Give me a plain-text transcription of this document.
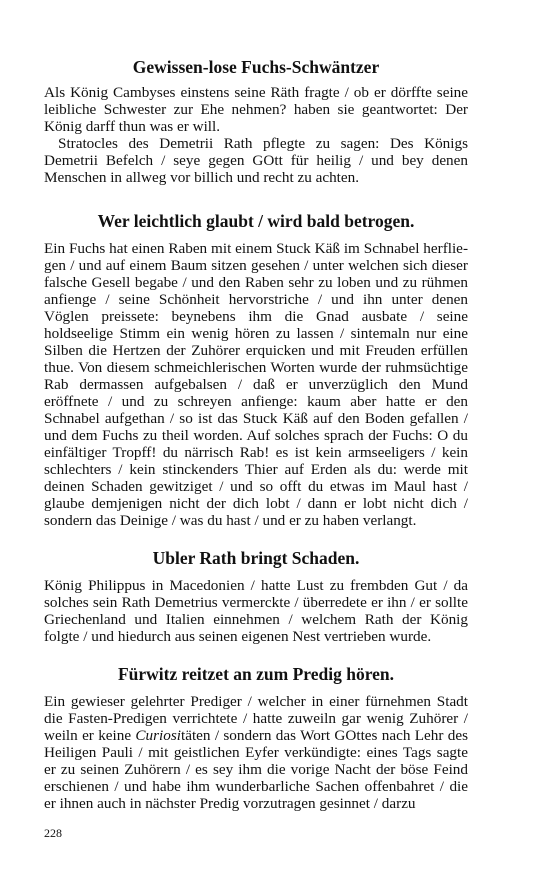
Gewissen-lose Fuchs-Schwäntzer

Als König Cambyses einstens seine Räth fragte / ob er dörffte seine leibliche Schwester zur Ehe nehmen? haben sie geantwortet: Der König darff thun was er will.

Stratocles des Demetrii Rath pflegte zu sagen: Des Königs Demetrii Befelch / seye gegen GOtt für heilig / und bey denen Menschen in allweg vor billich und recht zu achten.

Wer leichtlich glaubt / wird bald betrogen.

Ein Fuchs hat einen Raben mit einem Stuck Käß im Schnabel herfliegen / und auf einem Baum sitzen gesehen / unter welchen sich dieser falsche Gesell begabe / und den Raben sehr zu loben und zu rühmen anfienge / seine Schönheit hervorstriche / und ihn unter denen Vöglen preissete: beynebens ihm die Gnad ausbate / seine holdseelige Stimm ein wenig hören zu lassen / sintemaln nur eine Silben die Hertzen der Zuhörer erquicken und mit Freuden erfüllen thue. Von diesem schmeichlerischen Worten wurde der ruhmsüchtige Rab dermassen aufgebalsen / daß er unverzüglich den Mund eröffnete / und zu schreyen anfienge: kaum aber hatte er den Schnabel aufgethan / so ist das Stuck Käß auf den Boden gefallen / und dem Fuchs zu theil worden. Auf solches sprach der Fuchs: O du einfältiger Tropff! du närrisch Rab! es ist kein armseeligers / kein schlechters / kein stinckenders Thier auf Erden als du: werde mit deinen Schaden gewitziget / und so offt du etwas im Maul hast / glaube demjenigen nicht der dich lobt / dann er lobt nicht dich / sondern das Deinige / was du hast / und er zu haben verlangt.

Ubler Rath bringt Schaden.

König Philippus in Macedonien / hatte Lust zu frembden Gut / da solches sein Rath Demetrius vermerckte / überredete er ihn / er sollte Griechenland und Italien einnehmen / welchem Rath der König folgte / und hiedurch aus seinen eigenen Nest vertrieben wurde.

Fürwitz reitzet an zum Predig hören.

Ein gewieser gelehrter Prediger / welcher in einer fürnehmen Stadt die Fasten-Predigen verrichtete / hatte zuweiln gar wenig Zuhörer / weiln er keine Curiositäten / sondern das Wort GOttes nach Lehr des Heiligen Pauli / mit geistlichen Eyfer verkündigte: eines Tags sagte er zu seinen Zuhörern / es sey ihm die vorige Nacht der böse Feind erschienen / und habe ihm wunderbarliche Sachen offenbahret / die er ihnen auch in nächster Predig vorzutragen gesinnet / darzu

228
